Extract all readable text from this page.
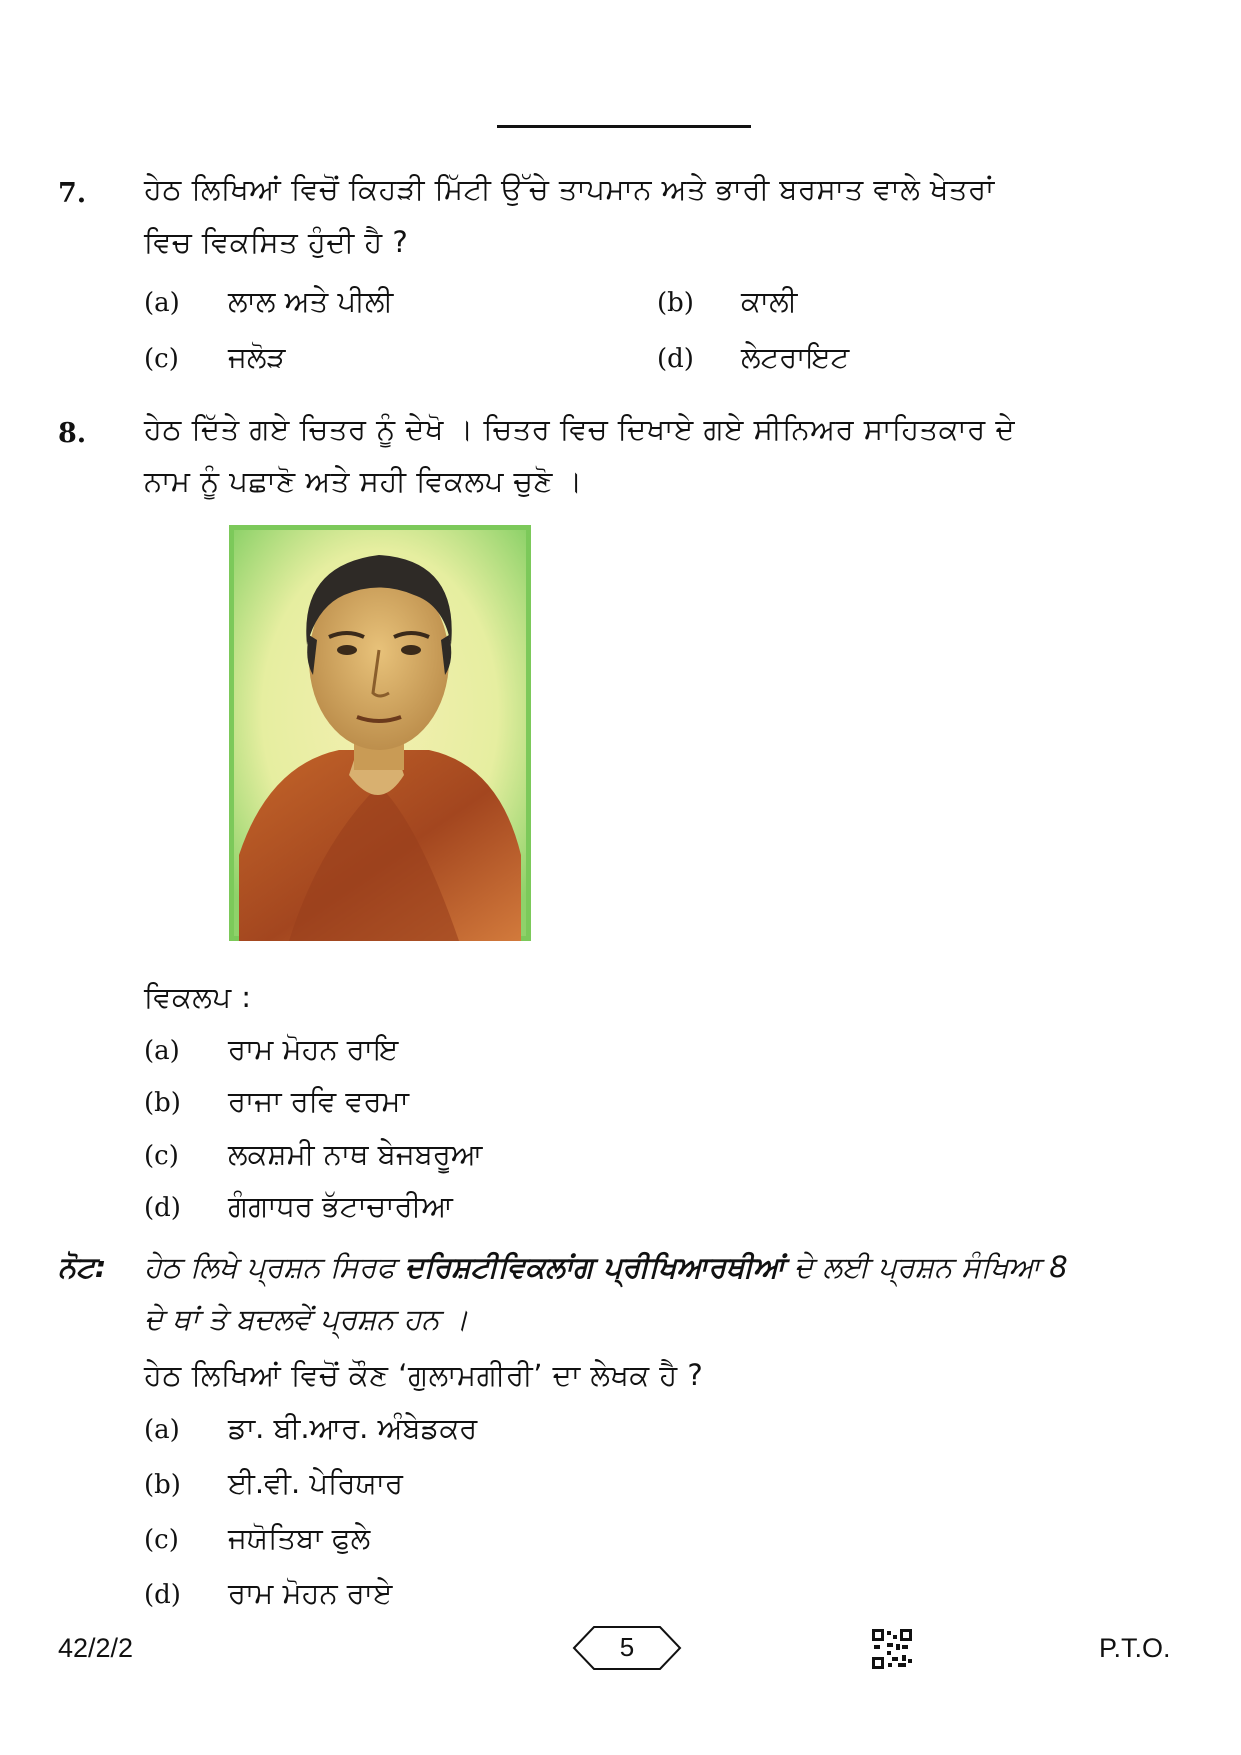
7. ਹੇਠ ਲਿਖਿਆਂ ਵਿਚੋਂ ਕਿਹੜੀ ਮਿੱਟੀ ਉੱਚੇ ਤਾਪਮਾਨ ਅਤੇ ਭਾਰੀ ਬਰਸਾਤ ਵਾਲੇ ਖੇਤਰਾਂ
ਵਿਚ ਵਿਕਸਿਤ ਹੁੰਦੀ ਹੈ ?
(a) ਲਾਲ ਅਤੇ ਪੀਲੀ	(b) ਕਾਲੀ
(c) ਜਲੋੜ	(d) ਲੇਟਰਾਇਟ
8. ਹੇਠ ਦਿੱਤੇ ਗਏ ਚਿਤਰ ਨੂੰ ਦੇਖੋ । ਚਿਤਰ ਵਿਚ ਦਿਖਾਏ ਗਏ ਸੀਨਿਅਰ ਸਾਹਿਤਕਾਰ ਦੇ
ਨਾਮ ਨੂੰ ਪਛਾਣੋ ਅਤੇ ਸਹੀ ਵਿਕਲਪ ਚੁਣੋ ।
ਵਿਕਲਪ :
(a) ਰਾਮ ਮੋਹਨ ਰਾਇ
(b) ਰਾਜਾ ਰਵਿ ਵਰਮਾ
(c) ਲਕਸ਼ਮੀ ਨਾਥ ਬੇਜਬਰੂਆ
(d) ਗੰਗਾਧਰ ਭੱਟਾਚਾਰੀਆ
ਨੋਟ: ਹੇਠ ਲਿਖੇ ਪ੍ਰਸ਼ਨ ਸਿਰਫ ਦਰਿਸ਼ਟੀਵਿਕਲਾਂਗ ਪ੍ਰੀਖਿਆਰਥੀਆਂ ਦੇ ਲਈ ਪ੍ਰਸ਼ਨ ਸੰਖਿਆ 8
ਦੇ ਥਾਂ ਤੇ ਬਦਲਵੇਂ ਪ੍ਰਸ਼ਨ ਹਨ ।
ਹੇਠ ਲਿਖਿਆਂ ਵਿਚੋਂ ਕੌਣ ‘ਗੁਲਾਮਗੀਰੀ’ ਦਾ ਲੇਖਕ ਹੈ ?
(a) ਡਾ. ਬੀ.ਆਰ. ਅੰਬੇਡਕਰ
(b) ਈ.ਵੀ. ਪੇਰਿਯਾਰ
(c) ਜਯੋਤਿਬਾ ਫੁਲੇ
(d) ਰਾਮ ਮੋਹਨ ਰਾਏ
42/2/2	5	P.T.O.
